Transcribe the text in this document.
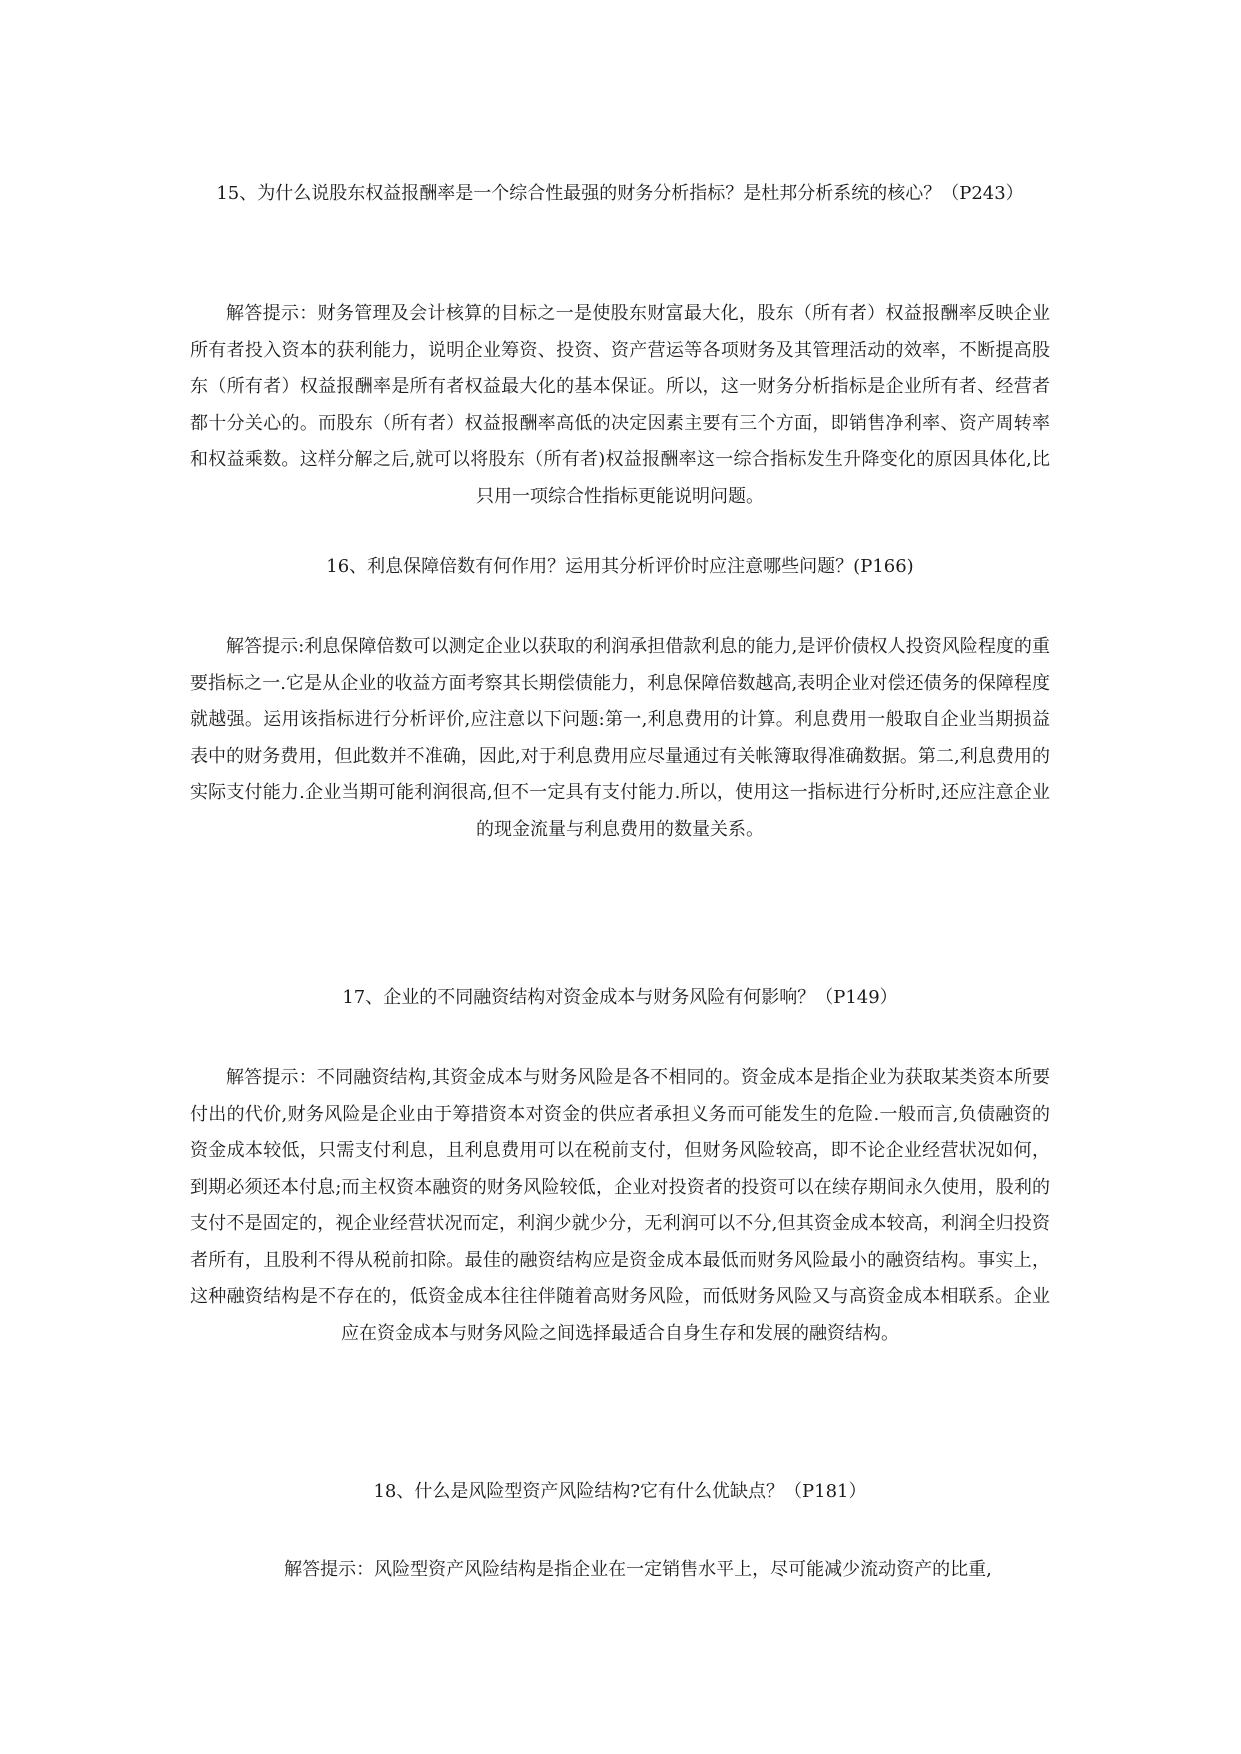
15、为什么说股东权益报酬率是一个综合性最强的财务分析指标？是杜邦分析系统的核心？（P243）

解答提示：财务管理及会计核算的目标之一是使股东财富最大化，股东（所有者）权益报酬率反映企业所有者投入资本的获利能力，说明企业筹资、投资、资产营运等各项财务及其管理活动的效率，不断提高股东（所有者）权益报酬率是所有者权益最大化的基本保证。所以，这一财务分析指标是企业所有者、经营者都十分关心的。而股东（所有者）权益报酬率高低的决定因素主要有三个方面，即销售净利率、资产周转率和权益乘数。这样分解之后,就可以将股东（所有者)权益报酬率这一综合指标发生升降变化的原因具体化,比只用一项综合性指标更能说明问题。

16、利息保障倍数有何作用？运用其分析评价时应注意哪些问题？(P166)

解答提示:利息保障倍数可以测定企业以获取的利润承担借款利息的能力,是评价债权人投资风险程度的重要指标之一.它是从企业的收益方面考察其长期偿债能力，利息保障倍数越高,表明企业对偿还债务的保障程度就越强。运用该指标进行分析评价,应注意以下问题:第一,利息费用的计算。利息费用一般取自企业当期损益表中的财务费用，但此数并不准确，因此,对于利息费用应尽量通过有关帐簿取得准确数据。第二,利息费用的实际支付能力.企业当期可能利润很高,但不一定具有支付能力.所以，使用这一指标进行分析时,还应注意企业的现金流量与利息费用的数量关系。

17、企业的不同融资结构对资金成本与财务风险有何影响？（P149）

解答提示：不同融资结构,其资金成本与财务风险是各不相同的。资金成本是指企业为获取某类资本所要付出的代价,财务风险是企业由于筹措资本对资金的供应者承担义务而可能发生的危险.一般而言,负债融资的资金成本较低，只需支付利息，且利息费用可以在税前支付，但财务风险较高，即不论企业经营状况如何，到期必须还本付息;而主权资本融资的财务风险较低，企业对投资者的投资可以在续存期间永久使用，股利的支付不是固定的，视企业经营状况而定，利润少就少分，无利润可以不分,但其资金成本较高，利润全归投资者所有，且股利不得从税前扣除。最佳的融资结构应是资金成本最低而财务风险最小的融资结构。事实上，这种融资结构是不存在的，低资金成本往往伴随着高财务风险，而低财务风险又与高资金成本相联系。企业应在资金成本与财务风险之间选择最适合自身生存和发展的融资结构。

18、什么是风险型资产风险结构?它有什么优缺点？（P181）

解答提示：风险型资产风险结构是指企业在一定销售水平上，尽可能减少流动资产的比重,
